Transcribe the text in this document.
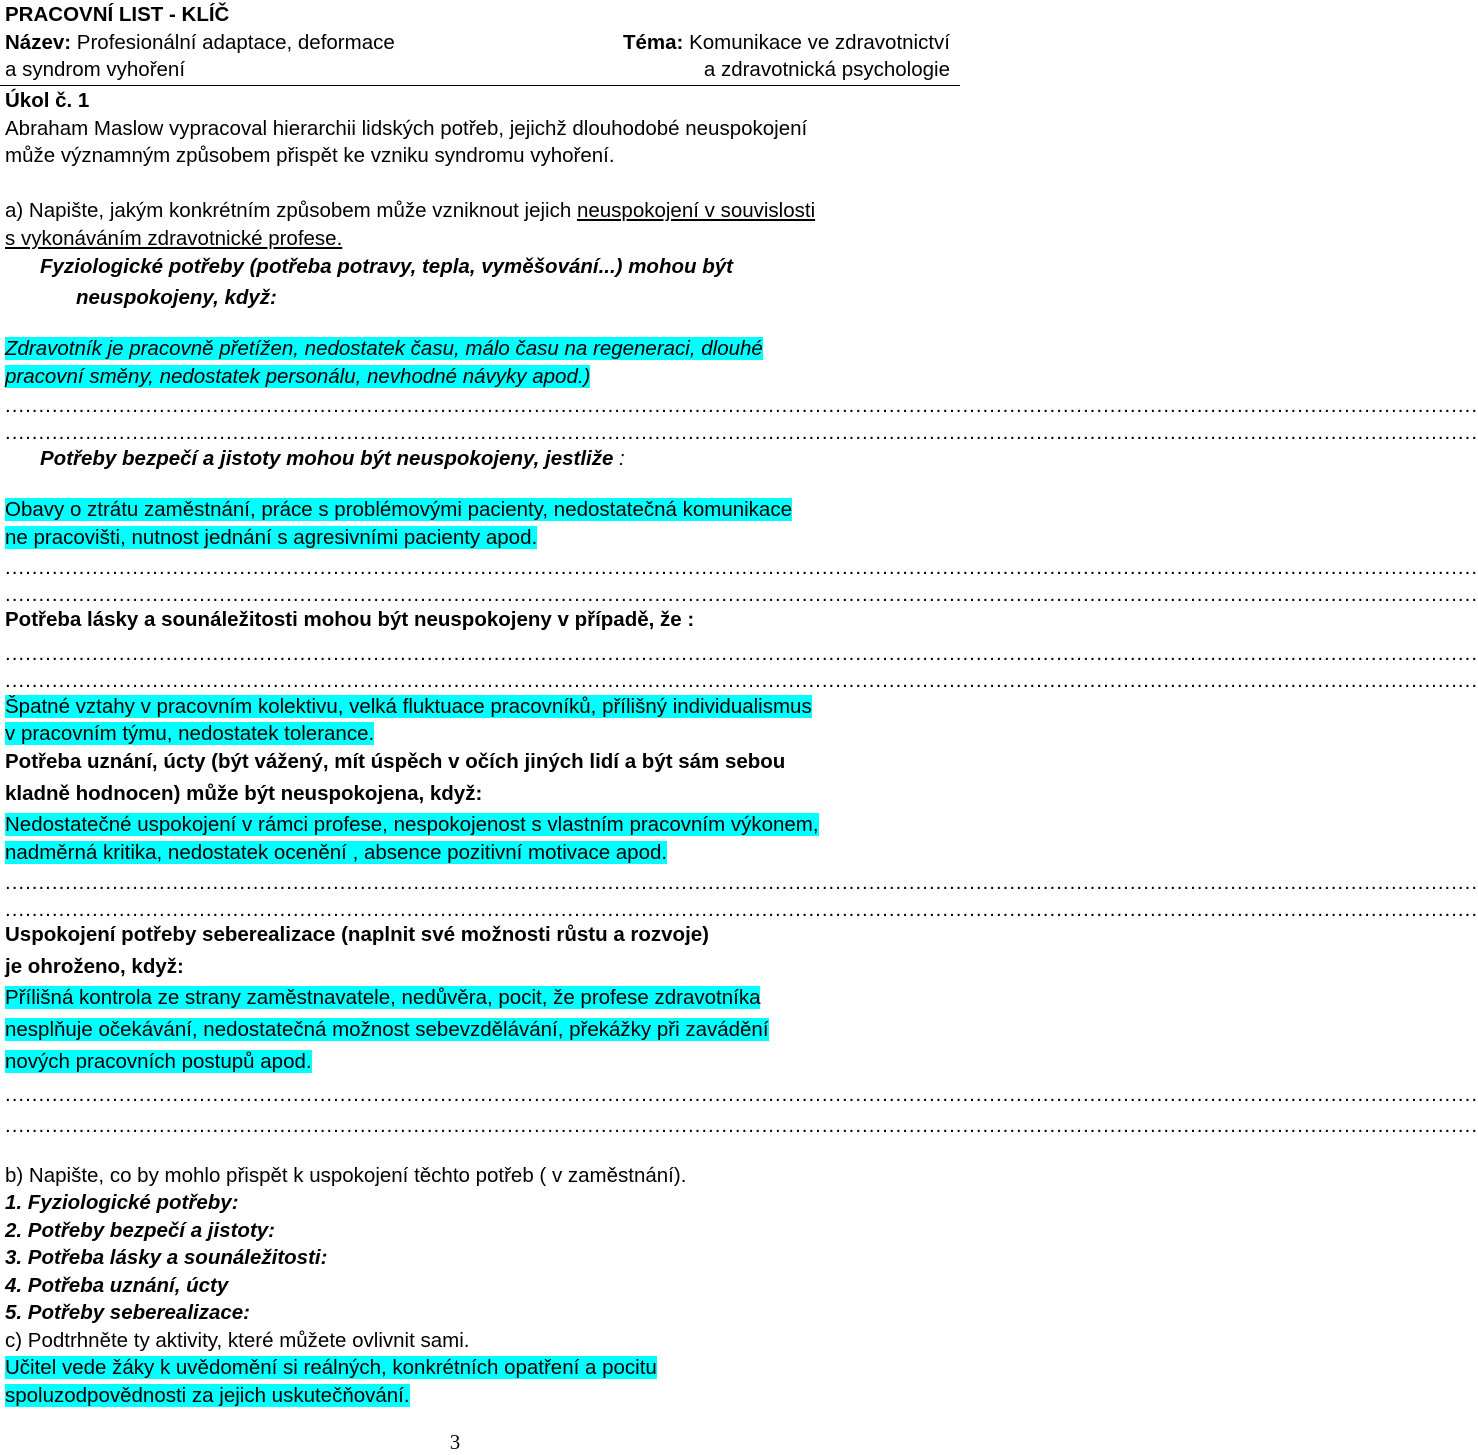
PRACOVNÍ LIST - KLÍČ
Název: Profesionální adaptace, deformace
a syndrom vyhoření
Téma: Komunikace ve zdravotnictví
a zdravotnická psychologie
Úkol č. 1
Abraham Maslow vypracoval hierarchii lidských potřeb, jejichž dlouhodobé neuspokojení
může významným způsobem přispět ke vzniku syndromu vyhoření.
a) Napište, jakým konkrétním způsobem může vzniknout jejich neuspokojení v souvislosti
s vykonáváním zdravotnické profese.
Fyziologické potřeby (potřeba potravy, tepla, vyměšování...) mohou být
neuspokojeny, když:
Zdravotník je pracovně přetížen, nedostatek času, málo času na regeneraci, dlouhé
pracovní směny, nedostatek personálu, nevhodné návyky apod.)
............................................................................................................................................................................................................................
............................................................................................................................................................................................................................
Potřeby bezpečí a jistoty mohou být neuspokojeny, jestliže :
Obavy o ztrátu zaměstnání, práce s problémovými pacienty, nedostatečná komunikace
ne pracovišti, nutnost jednání s agresivními pacienty apod.
............................................................................................................................................................................................................................
............................................................................................................................................................................................................................
Potřeba lásky a sounáležitosti mohou být neuspokojeny v případě, že :
............................................................................................................................................................................................................................
............................................................................................................................................................................................................................
Špatné vztahy v pracovním kolektivu, velká fluktuace pracovníků, přílišný individualismus
v pracovním týmu, nedostatek tolerance.
Potřeba uznání, úcty (být vážený, mít úspěch v očích jiných lidí a být sám sebou
kladně hodnocen) může být neuspokojena, když:
Nedostatečné uspokojení v rámci profese, nespokojenost s vlastním pracovním výkonem,
nadměrná kritika, nedostatek ocenění , absence pozitivní motivace apod.
............................................................................................................................................................................................................................
............................................................................................................................................................................................................................
Uspokojení potřeby seberealizace (naplnit své možnosti růstu a rozvoje)
je ohroženo, když:
Přílišná kontrola ze strany zaměstnavatele, nedůvěra, pocit, že profese zdravotníka
nesplňuje očekávání, nedostatečná možnost sebevzdělávání, překážky při zavádění
nových pracovních postupů apod.
............................................................................................................................................................................................................................
............................................................................................................................................................................................................................
b) Napište, co by mohlo přispět k uspokojení těchto potřeb ( v zaměstnání).
1. Fyziologické potřeby:
2. Potřeby bezpečí a jistoty:
3. Potřeba lásky a sounáležitosti:
4. Potřeba uznání, úcty
5. Potřeby seberealizace:
c) Podtrhněte ty aktivity, které můžete ovlivnit sami.
Učitel vede žáky k uvědomění si reálných, konkrétních opatření a pocitu
spoluzodpovědnosti za jejich uskutečňování.
3
